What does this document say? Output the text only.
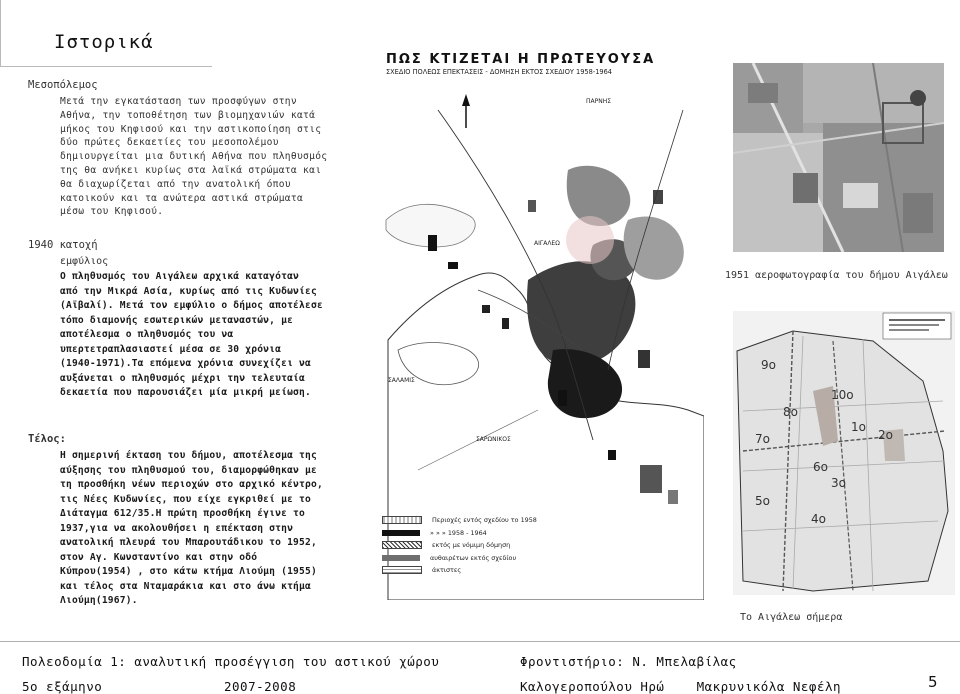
Ιστορικά
Μεσοπόλεμος
Μετά την εγκατάσταση των προσφύγων στην
Αθήνα, την τοποθέτηση των βιομηχανιών κατά
μήκος του Κηφισού και την αστικοποίηση στις
δύο πρώτες δεκαετίες του μεσοπολέμου
δημιουργείται μια δυτική Αθήνα που πληθυσμός
της θα ανήκει κυρίως στα λαϊκά στρώματα και
θα διαχωρίζεται από την ανατολική όπου
κατοικούν και τα ανώτερα αστικά στρώματα
μέσω του Κηφισού.
1940 κατοχή
εμφύλιος
Ο πληθυσμός του Αιγάλεω αρχικά καταγόταν
από την Μικρά Ασία, κυρίως από τις Κυδωνίες
(Αϊβαλί). Μετά τον εμφύλιο ο δήμος αποτέλεσε
τόπο διαμονής εσωτερικών μεταναστών, με
αποτέλεσμα ο πληθυσμός του να
υπερτετραπλασιαστεί μέσα σε 30 χρόνια
(1940-1971).Τα επόμενα χρόνια συνεχίζει να
αυξάνεται ο πληθυσμός μέχρι την τελευταία
δεκαετία που παρουσιάζει μία μικρή μείωση.
Τέλος:
Η σημερινή έκταση του δήμου, αποτέλεσμα της
αύξησης του πληθυσμού του, διαμορφώθηκαν με
τη προσθήκη νέων περιοχών στο αρχικό κέντρο,
τις Νέες Κυδωνίες, που είχε εγκριθεί με το
Διάταγμα 612/35.Η πρώτη προσθήκη έγινε το
1937,για να ακολουθήσει η επέκταση στην
ανατολική πλευρά του Μπαρουτάδικου το 1952,
στον Αγ. Κωνσταντίνο και στην οδό
Κύπρου(1954) , στο κάτω κτήμα Λιούμη (1955)
και τέλος στα Νταμαράκια και στο άνω κτήμα
Λιούμη(1967).
ΠΩΣ ΚΤΙΖΕΤΑΙ Η ΠΡΩΤΕΥΟΥΣΑ
ΣΧΕΔΙΟ ΠΟΛΕΩΣ ΕΠΕΚΤΑΣΕΙΣ - ΔΟΜΗΣΗ ΕΚΤΟΣ ΣΧΕΔΙΟΥ 1958-1964
ΠΑΡΝΗΣ
ΑΙΓΑΛΕΩ
ΣΑΛΑΜΙΣ
ΣΑΡΩΝΙΚΟΣ
Περιοχές εντός σχεδίου το 1958
» » » 1958 - 1964
εκτός με νόμιμη δόμηση
αυθαιρέτων εκτός σχεδίου
άκτιστες
1951 αεροφωτογραφία του δήμου Αιγάλεω
9ο
10ο
8ο
1ο
2ο
7ο
6ο
3ο
5ο
4ο
Το Αιγάλεω σήμερα
Πολεοδομία 1: αναλυτική προσέγγιση του αστικού χώρου	Φροντιστήριο: Ν. Μπελαβίλας
5ο εξάμηνο	2007-2008	Καλογεροπούλου Ηρώ    Μακρυνικόλα Νεφέλη	5
